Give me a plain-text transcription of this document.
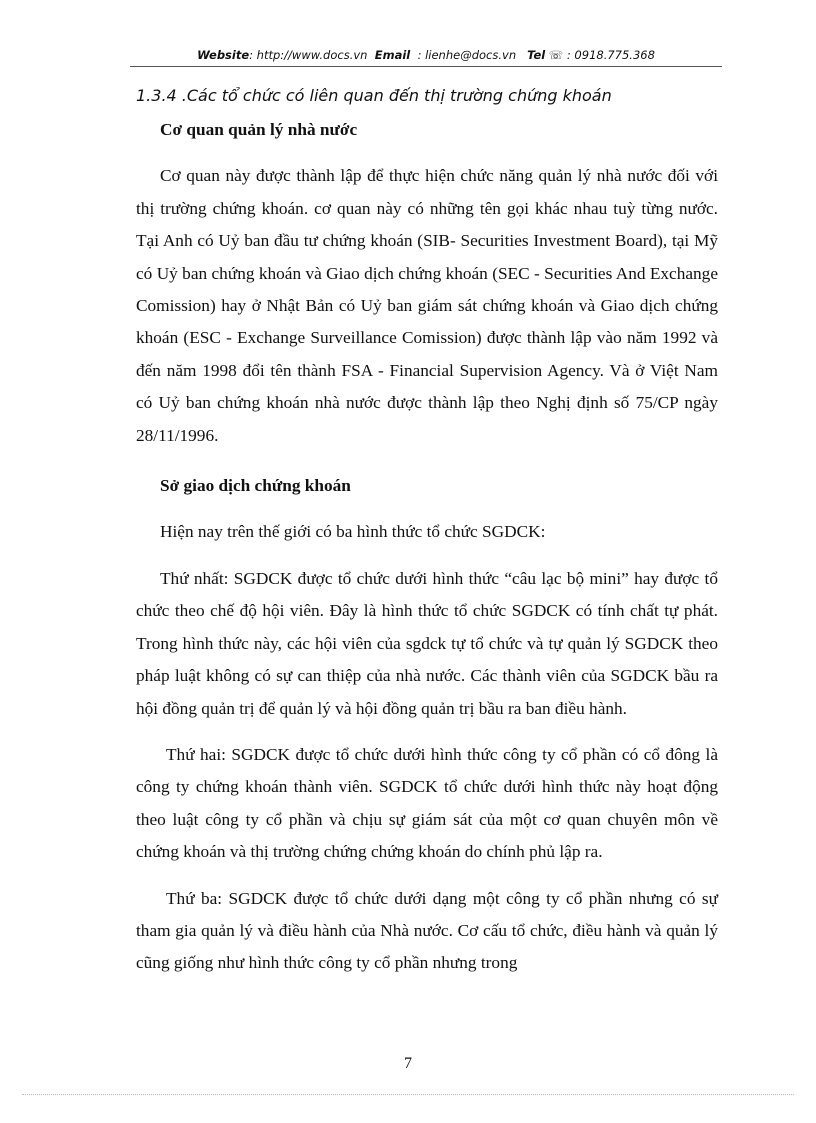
Website: http://www.docs.vn Email : lienhe@docs.vn Tel ☏ : 0918.775.368
1.3.4 .Các tổ chức có liên quan đến thị trường chứng khoán

Cơ quan quản lý nhà nước

Cơ quan này được thành lập để thực hiện chức năng quản lý nhà nước đối với thị trường chứng khoán. cơ quan này có những tên gọi khác nhau tuỳ từng nước. Tại Anh có Uỷ ban đầu tư chứng khoán (SIB- Securities Investment Board), tại Mỹ có Uỷ ban chứng khoán và Giao dịch chứng khoán (SEC - Securities And Exchange Comission) hay ở Nhật Bản có Uỷ ban giám sát chứng khoán và Giao dịch chứng khoán (ESC - Exchange Surveillance Comission) được thành lập vào năm 1992 và đến năm 1998 đổi tên thành FSA - Financial Supervision Agency. Và ở Việt Nam có Uỷ ban chứng khoán nhà nước được thành lập theo Nghị định số 75/CP ngày 28/11/1996.

Sở giao dịch chứng khoán

Hiện nay trên thế giới có ba hình thức tổ chức SGDCK:

Thứ nhất: SGDCK được tổ chức dưới hình thức “câu lạc bộ mini” hay được tổ chức theo chế độ hội viên. Đây là hình thức tổ chức SGDCK có tính chất tự phát. Trong hình thức này, các hội viên của sgdck tự tổ chức và tự quản lý SGDCK theo pháp luật không có sự can thiệp của nhà nước. Các thành viên của SGDCK bầu ra hội đồng quản trị để quản lý và hội đồng quản trị bầu ra ban điều hành.

Thứ hai: SGDCK được tổ chức dưới hình thức công ty cổ phần có cổ đông là công ty chứng khoán thành viên. SGDCK tổ chức dưới hình thức này hoạt động theo luật công ty cổ phần và chịu sự giám sát của một cơ quan chuyên môn về chứng khoán và thị trường chứng chứng khoán do chính phủ lập ra.

Thứ ba: SGDCK được tổ chức dưới dạng một công ty cổ phần nhưng có sự tham gia quản lý và điều hành của Nhà nước. Cơ cấu tổ chức, điều hành và quản lý cũng giống như hình thức công ty cổ phần nhưng trong

7
